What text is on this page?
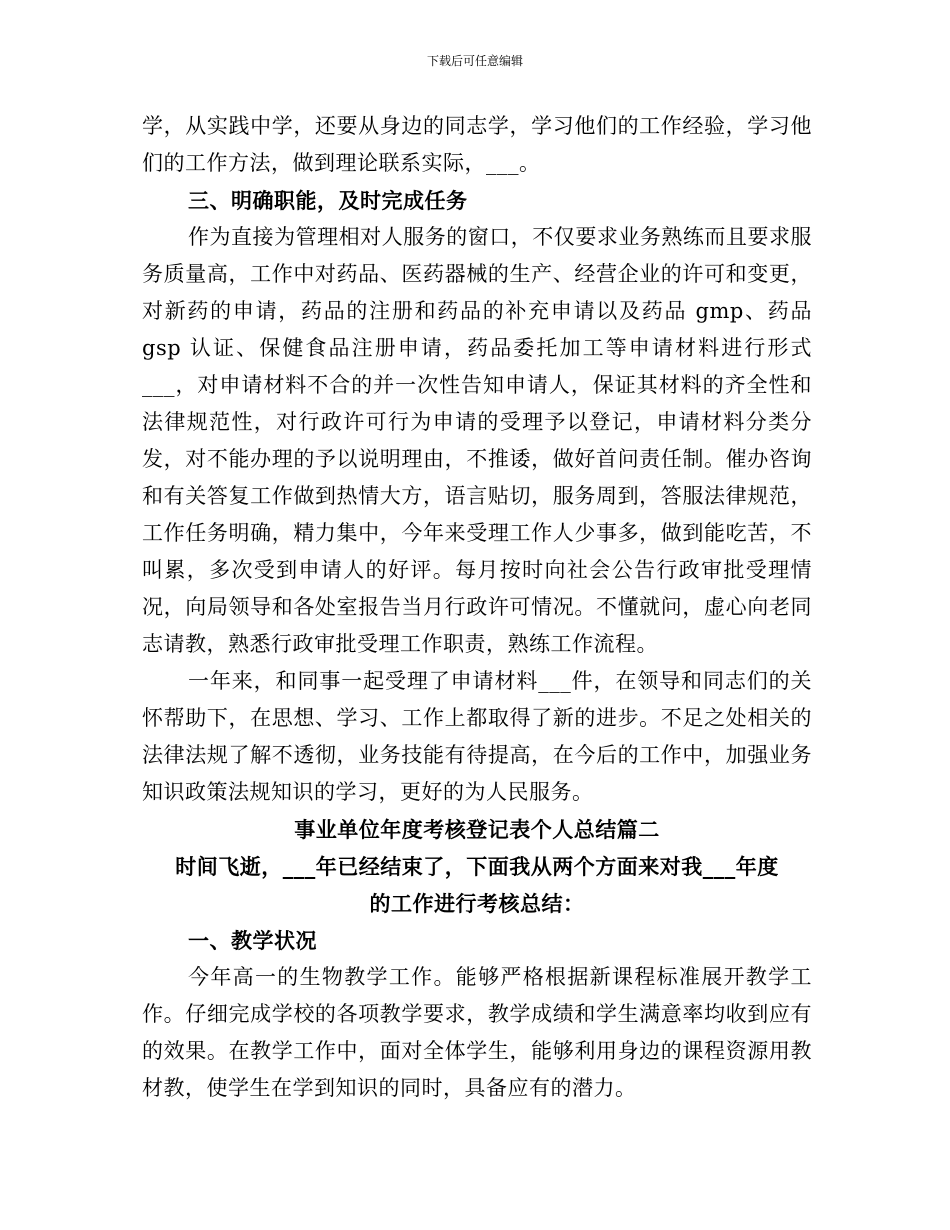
下载后可任意编辑

学，从实践中学，还要从身边的同志学，学习他们的工作经验，学习他们的工作方法，做到理论联系实际，___。

三、明确职能，及时完成任务

作为直接为管理相对人服务的窗口，不仅要求业务熟练而且要求服务质量高，工作中对药品、医药器械的生产、经营企业的许可和变更，对新药的申请，药品的注册和药品的补充申请以及药品 gmp、药品 gsp 认证、保健食品注册申请，药品委托加工等申请材料进行形式___，对申请材料不合的并一次性告知申请人，保证其材料的齐全性和法律规范性，对行政许可行为申请的受理予以登记，申请材料分类分发，对不能办理的予以说明理由，不推诿，做好首问责任制。催办咨询和有关答复工作做到热情大方，语言贴切，服务周到，答服法律规范，工作任务明确，精力集中，今年来受理工作人少事多，做到能吃苦，不叫累，多次受到申请人的好评。每月按时向社会公告行政审批受理情况，向局领导和各处室报告当月行政许可情况。不懂就问，虚心向老同志请教，熟悉行政审批受理工作职责，熟练工作流程。

一年来，和同事一起受理了申请材料___件，在领导和同志们的关怀帮助下，在思想、学习、工作上都取得了新的进步。不足之处相关的法律法规了解不透彻，业务技能有待提高，在今后的工作中，加强业务知识政策法规知识的学习，更好的为人民服务。

事业单位年度考核登记表个人总结篇二

时间飞逝，___年已经结束了，下面我从两个方面来对我___年度

的工作进行考核总结：

一、教学状况

今年高一的生物教学工作。能够严格根据新课程标准展开教学工作。仔细完成学校的各项教学要求，教学成绩和学生满意率均收到应有的效果。在教学工作中，面对全体学生，能够利用身边的课程资源用教材教，使学生在学到知识的同时，具备应有的潜力。
